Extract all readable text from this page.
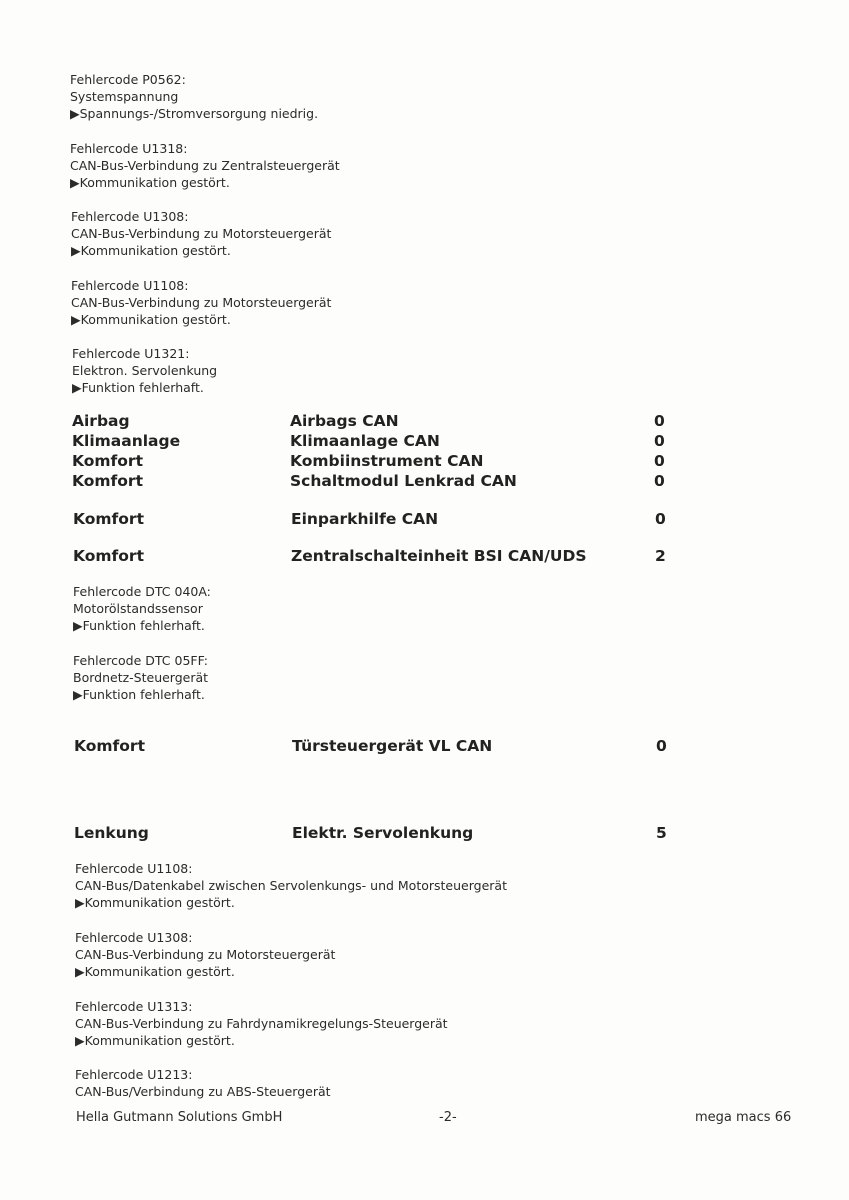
Fehlercode P0562:
Systemspannung
▶Spannungs-/Stromversorgung niedrig.
Fehlercode U1318:
CAN-Bus-Verbindung zu Zentralsteuergerät
▶Kommunikation gestört.
Fehlercode U1308:
CAN-Bus-Verbindung zu Motorsteuergerät
▶Kommunikation gestört.
Fehlercode U1108:
CAN-Bus-Verbindung zu Motorsteuergerät
▶Kommunikation gestört.
Fehlercode U1321:
Elektron. Servolenkung
▶Funktion fehlerhaft.
Airbag	Airbags CAN	0
Klimaanlage	Klimaanlage CAN	0
Komfort	Kombiinstrument CAN	0
Komfort	Schaltmodul Lenkrad CAN	0
Komfort	Einparkhilfe CAN	0
Komfort	Zentralschalteinheit BSI CAN/UDS	2
Fehlercode DTC 040A:
Motorölstandssensor
▶Funktion fehlerhaft.
Fehlercode DTC 05FF:
Bordnetz-Steuergerät
▶Funktion fehlerhaft.
Komfort	Türsteuergerät VL CAN	0
Lenkung	Elektr. Servolenkung	5
Fehlercode U1108:
CAN-Bus/Datenkabel zwischen Servolenkungs- und Motorsteuergerät
▶Kommunikation gestört.
Fehlercode U1308:
CAN-Bus-Verbindung zu Motorsteuergerät
▶Kommunikation gestört.
Fehlercode U1313:
CAN-Bus-Verbindung zu Fahrdynamikregelungs-Steuergerät
▶Kommunikation gestört.
Fehlercode U1213:
CAN-Bus/Verbindung zu ABS-Steuergerät
Hella Gutmann Solutions GmbH	-2-	mega macs 66
